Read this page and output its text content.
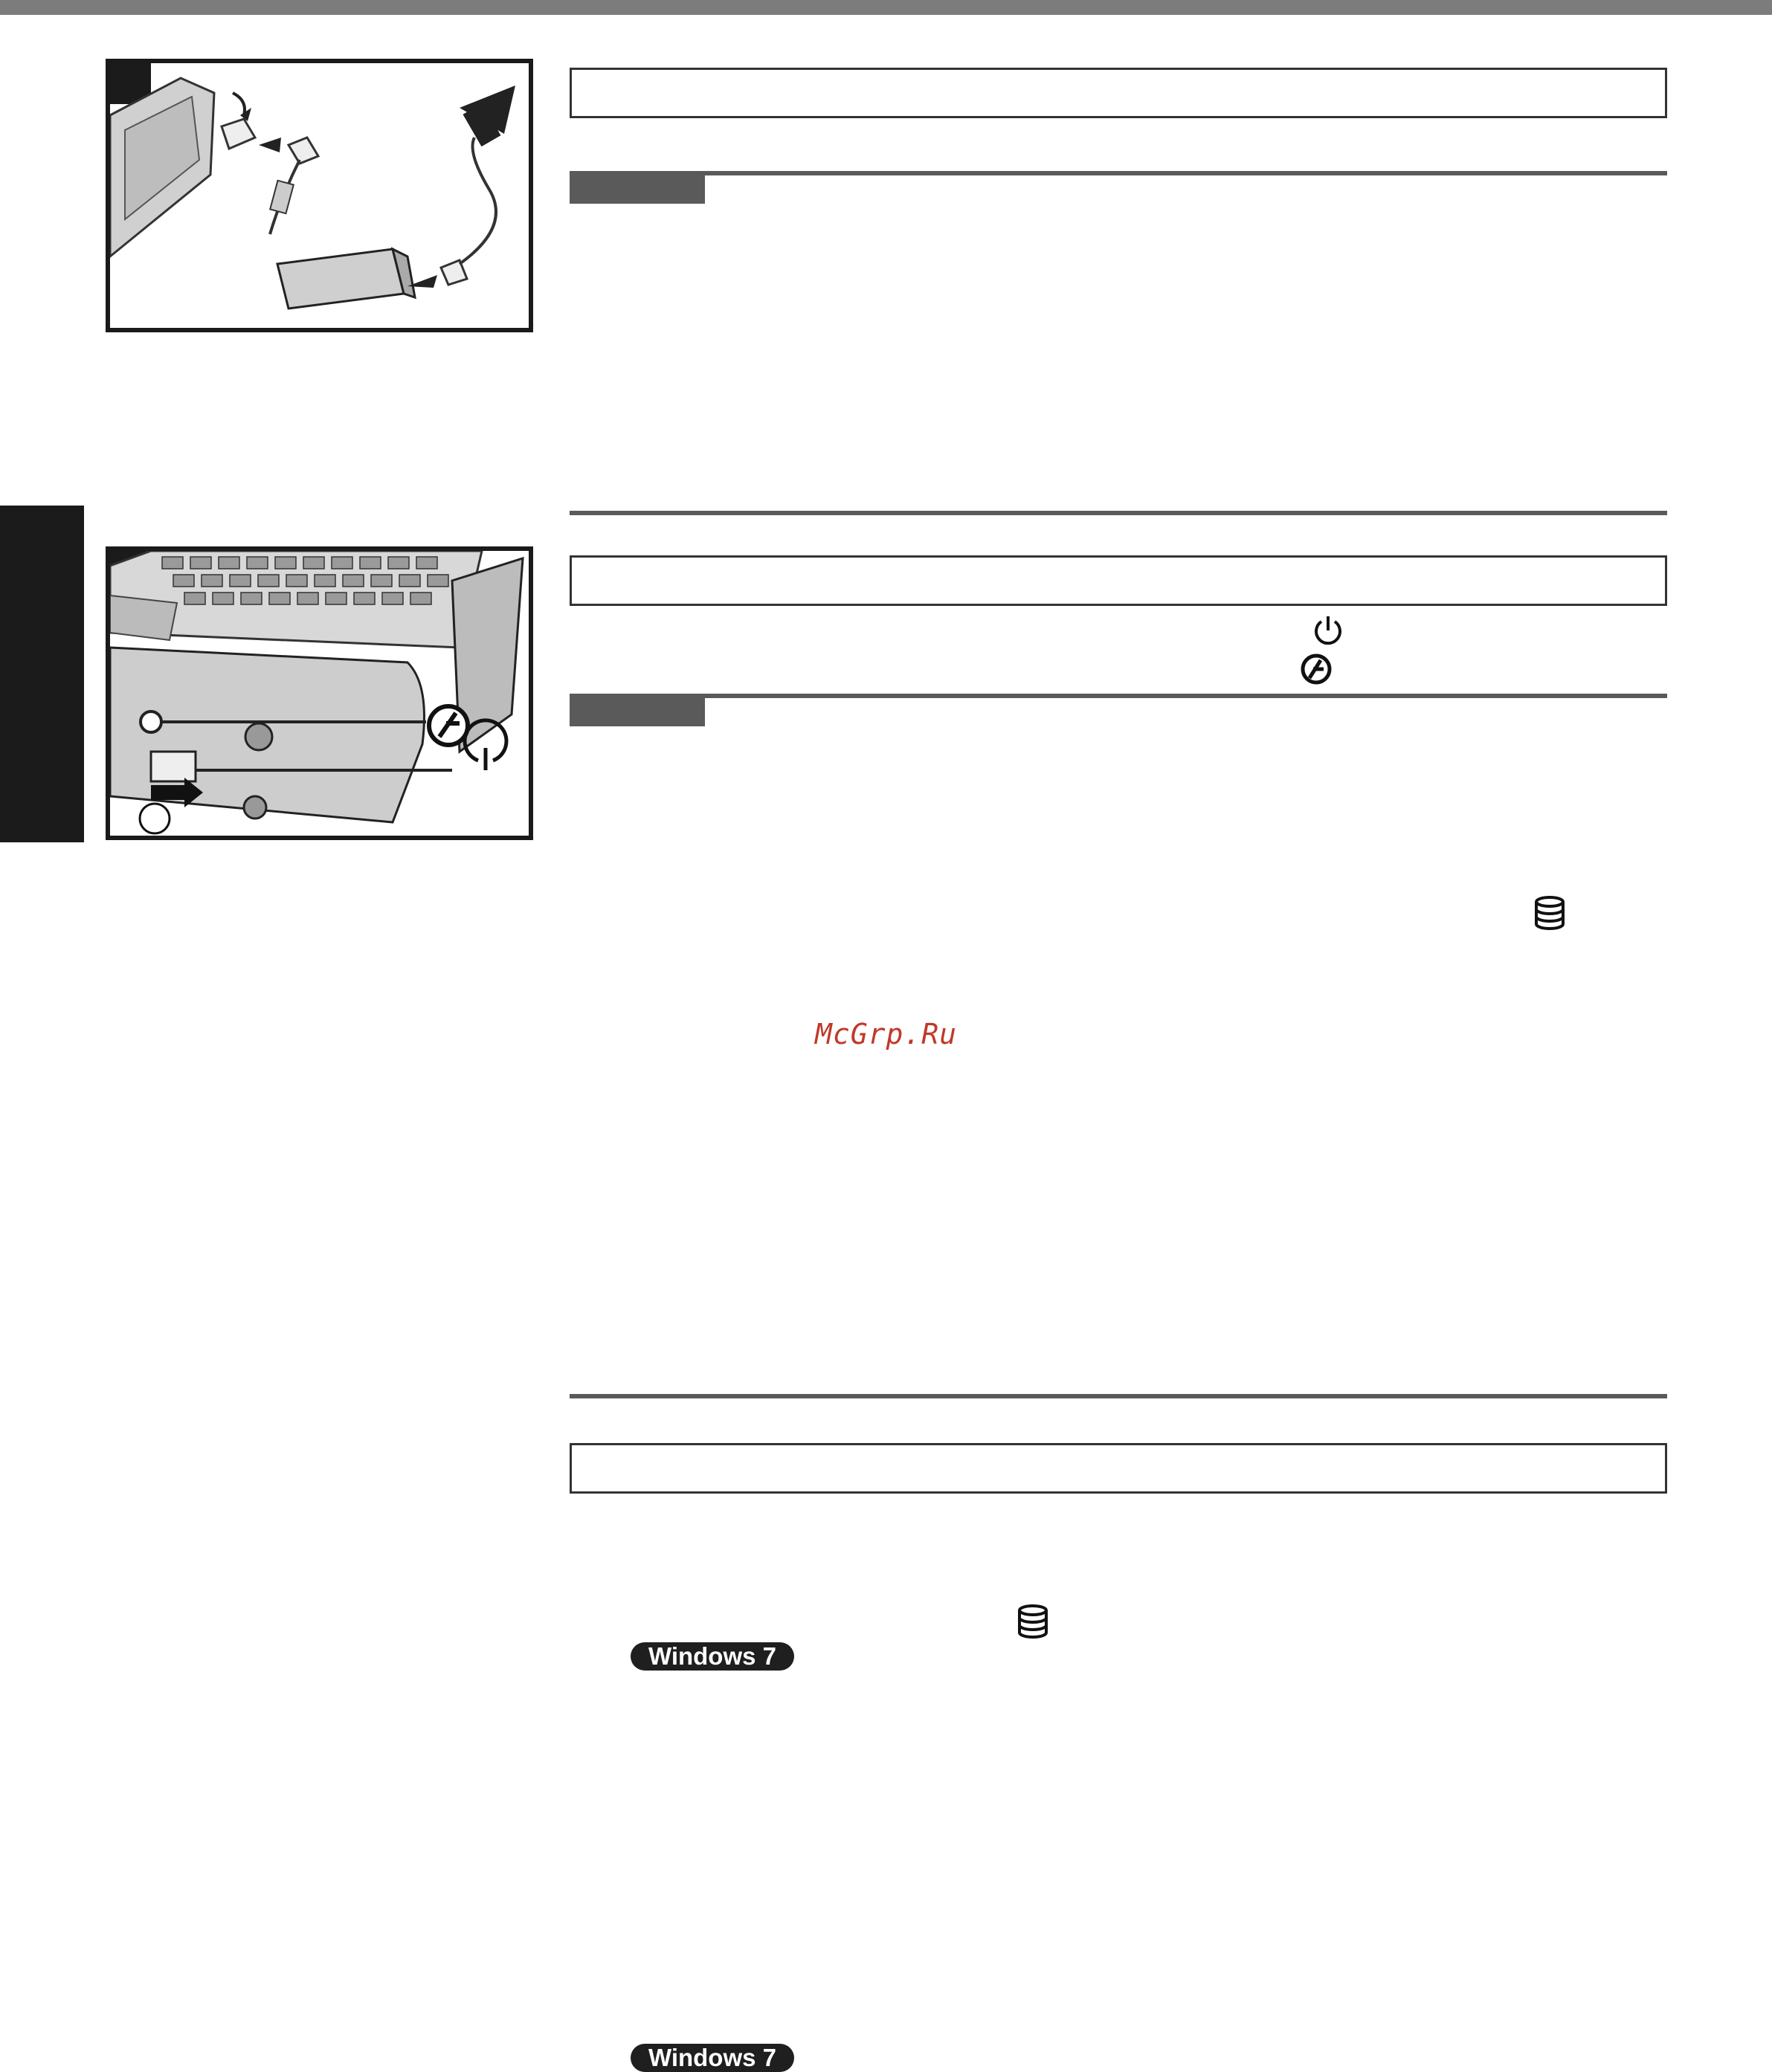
McGrp.Ru
Windows 7
Windows 7
